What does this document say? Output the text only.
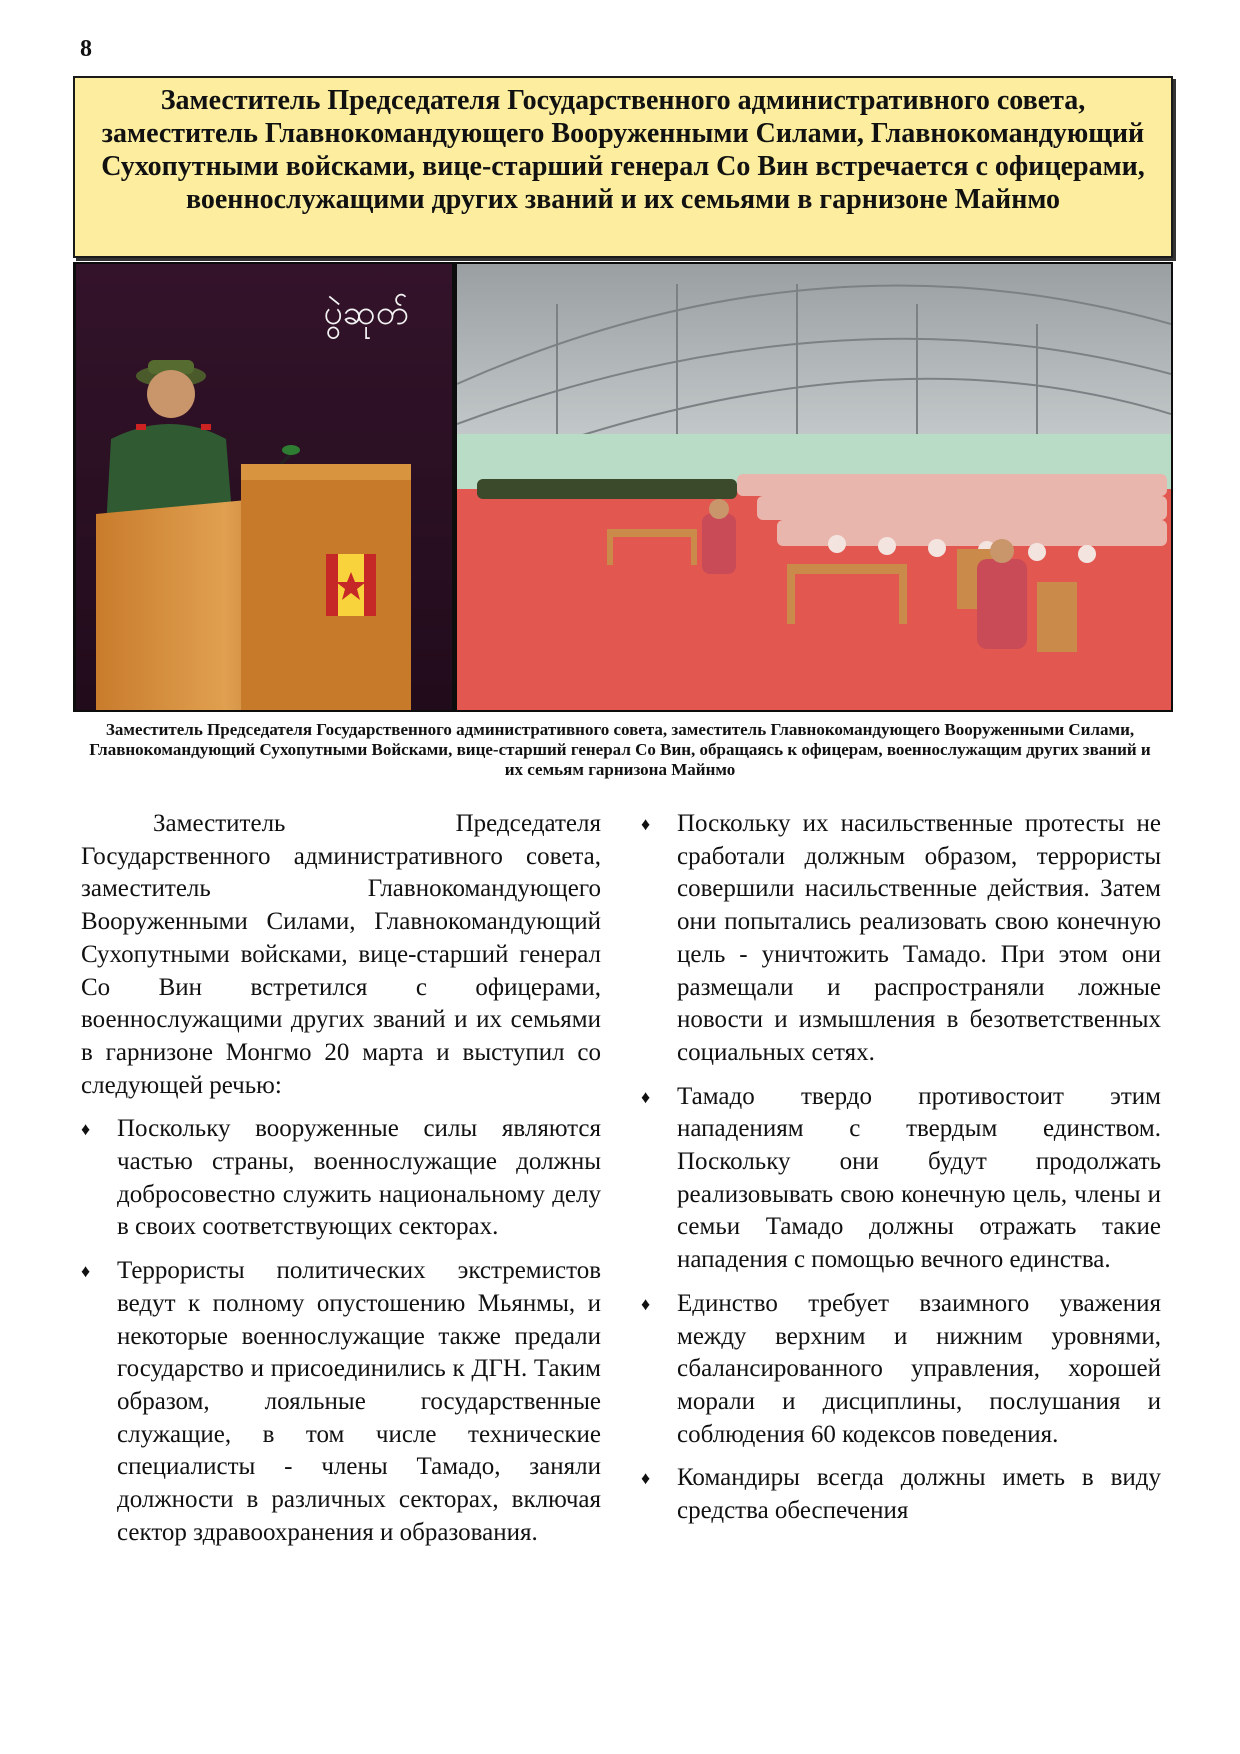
8
Заместитель Председателя Государственного административного совета, заместитель Главнокомандующего Вооруженными Силами, Главнокомандующий Сухопутными войсками, вице-старший генерал Со Вин встречается с офицерами, военнослужащими других званий и их семьями в гарнизоне Майнмо
ပွဲဆုတ်
Заместитель Председателя Государственного административного совета, заместитель Главнокомандующего Вооруженными Силами, Главнокомандующий Сухопутными Войсками, вице-старший генерал Со Вин, обращаясь к офицерам, военнослужащим других званий и их семьям гарнизона Майнмо

Заместитель Председателя Государственного административного совета, заместитель Главнокомандующего Вооруженными Силами, Главнокомандующий Сухопутными войсками, вице-старший генерал Со Вин встретился с офицерами, военнослужащими других званий и их семьями в гарнизоне Монгмо 20 марта и выступил со следующей речью:

♦ Поскольку вооруженные силы являются частью страны, военнослужащие должны добросовестно служить национальному делу в своих соответствующих секторах.

♦ Террористы политических экстремистов ведут к полному опустошению Мьянмы, и некоторые военнослужащие также предали государство и присоединились к ДГН. Таким образом, лояльные государственные служащие, в том числе технические специалисты - члены Тамадо, заняли должности в различных секторах, включая сектор здравоохранения и образования.

♦ Поскольку их насильственные протесты не сработали должным образом, террористы совершили насильственные действия. Затем они попытались реализовать свою конечную цель - уничтожить Тамадо. При этом они размещали и распространяли ложные новости и измышления в безответственных социальных сетях.

♦ Тамадо твердо противостоит этим нападениям с твердым единством. Поскольку они будут продолжать реализовывать свою конечную цель, члены и семьи Тамадо должны отражать такие нападения с помощью вечного единства.

♦ Единство требует взаимного уважения между верхним и нижним уровнями, сбалансированного управления, хорошей морали и дисциплины, послушания и соблюдения 60 кодексов поведения.

♦ Командиры всегда должны иметь в виду средства обеспечения
